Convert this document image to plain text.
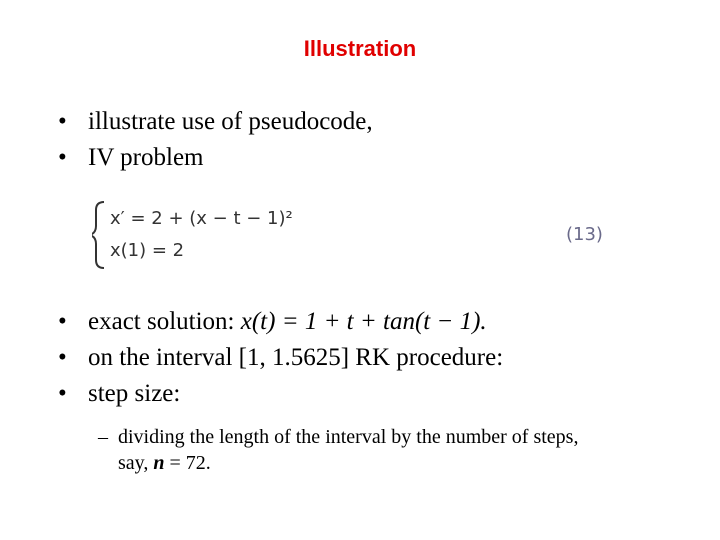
Illustration
• illustrate use of pseudocode,
• IV problem
x′ = 2 + (x − t − 1)²
x(1) = 2
(13)
• exact solution: x(t) = 1 + t + tan(t − 1).
• on the interval [1, 1.5625] RK procedure:
• step size:
– dividing the length of the interval by the number of steps,
say, n = 72.
